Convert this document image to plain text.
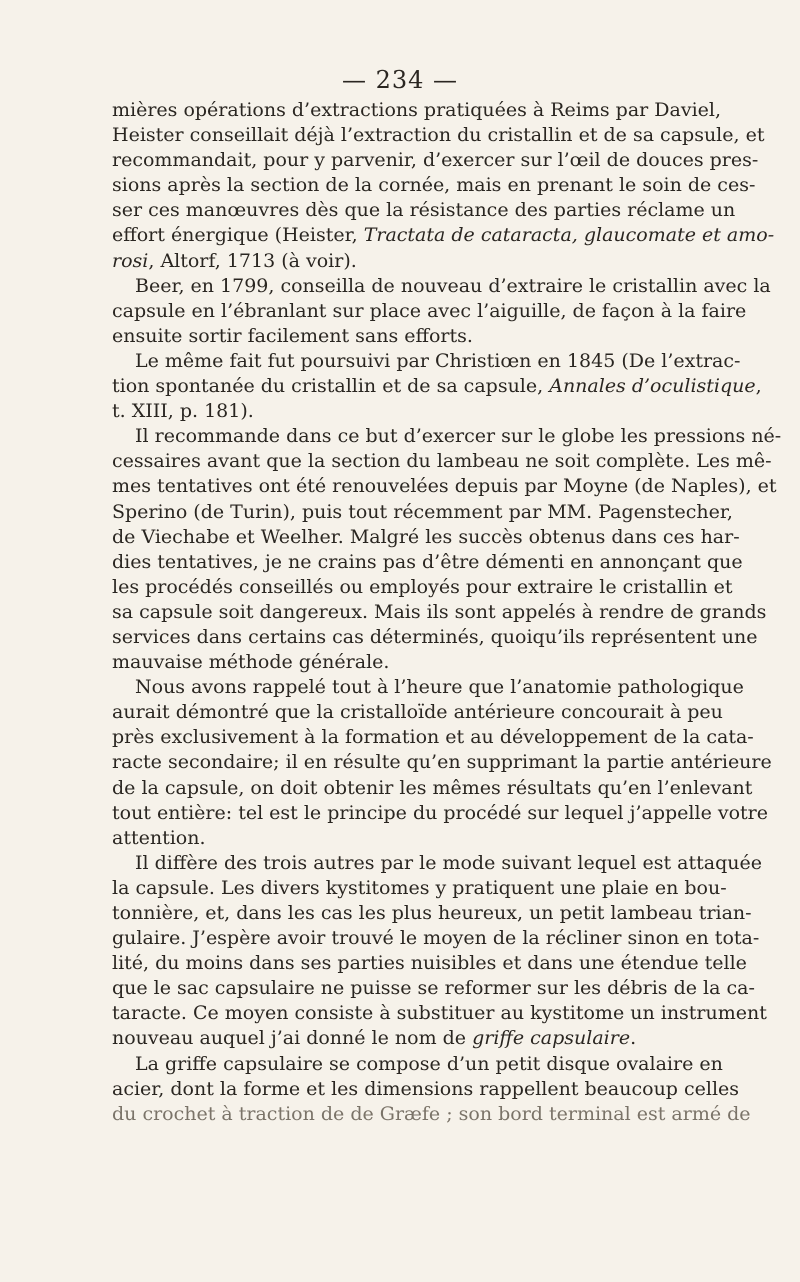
— 234 —
mières opérations d’extractions pratiquées à Reims par Daviel,
Heister conseillait déjà l’extraction du cristallin et de sa capsule, et
recommandait, pour y parvenir, d’exercer sur l’œil de douces pres-
sions après la section de la cornée, mais en prenant le soin de ces-
ser ces manœuvres dès que la résistance des parties réclame un
effort énergique (Heister, Tractata de cataracta, glaucomate et amo-
rosi, Altorf, 1713 (à voir).
Beer, en 1799, conseilla de nouveau d’extraire le cristallin avec la
capsule en l’ébranlant sur place avec l’aiguille, de façon à la faire
ensuite sortir facilement sans efforts.
Le même fait fut poursuivi par Christiœn en 1845 (De l’extrac-
tion spontanée du cristallin et de sa capsule, Annales d’oculistique,
t. XIII, p. 181).
Il recommande dans ce but d’exercer sur le globe les pressions né-
cessaires avant que la section du lambeau ne soit complète. Les mê-
mes tentatives ont été renouvelées depuis par Moyne (de Naples), et
Sperino (de Turin), puis tout récemment par MM. Pagenstecher,
de Viechabe et Weelher. Malgré les succès obtenus dans ces har-
dies tentatives, je ne crains pas d’être démenti en annonçant que
les procédés conseillés ou employés pour extraire le cristallin et
sa capsule soit dangereux. Mais ils sont appelés à rendre de grands
services dans certains cas déterminés, quoiqu’ils représentent une
mauvaise méthode générale.
Nous avons rappelé tout à l’heure que l’anatomie pathologique
aurait démontré que la cristalloïde antérieure concourait à peu
près exclusivement à la formation et au développement de la cata-
racte secondaire; il en résulte qu’en supprimant la partie antérieure
de la capsule, on doit obtenir les mêmes résultats qu’en l’enlevant
tout entière: tel est le principe du procédé sur lequel j’appelle votre
attention.
Il diffère des trois autres par le mode suivant lequel est attaquée
la capsule. Les divers kystitomes y pratiquent une plaie en bou-
tonnière, et, dans les cas les plus heureux, un petit lambeau trian-
gulaire. J’espère avoir trouvé le moyen de la récliner sinon en tota-
lité, du moins dans ses parties nuisibles et dans une étendue telle
que le sac capsulaire ne puisse se reformer sur les débris de la ca-
taracte. Ce moyen consiste à substituer au kystitome un instrument
nouveau auquel j’ai donné le nom de griffe capsulaire.
La griffe capsulaire se compose d’un petit disque ovalaire en
acier, dont la forme et les dimensions rappellent beaucoup celles
du crochet à traction de de Græfe ; son bord terminal est armé de
